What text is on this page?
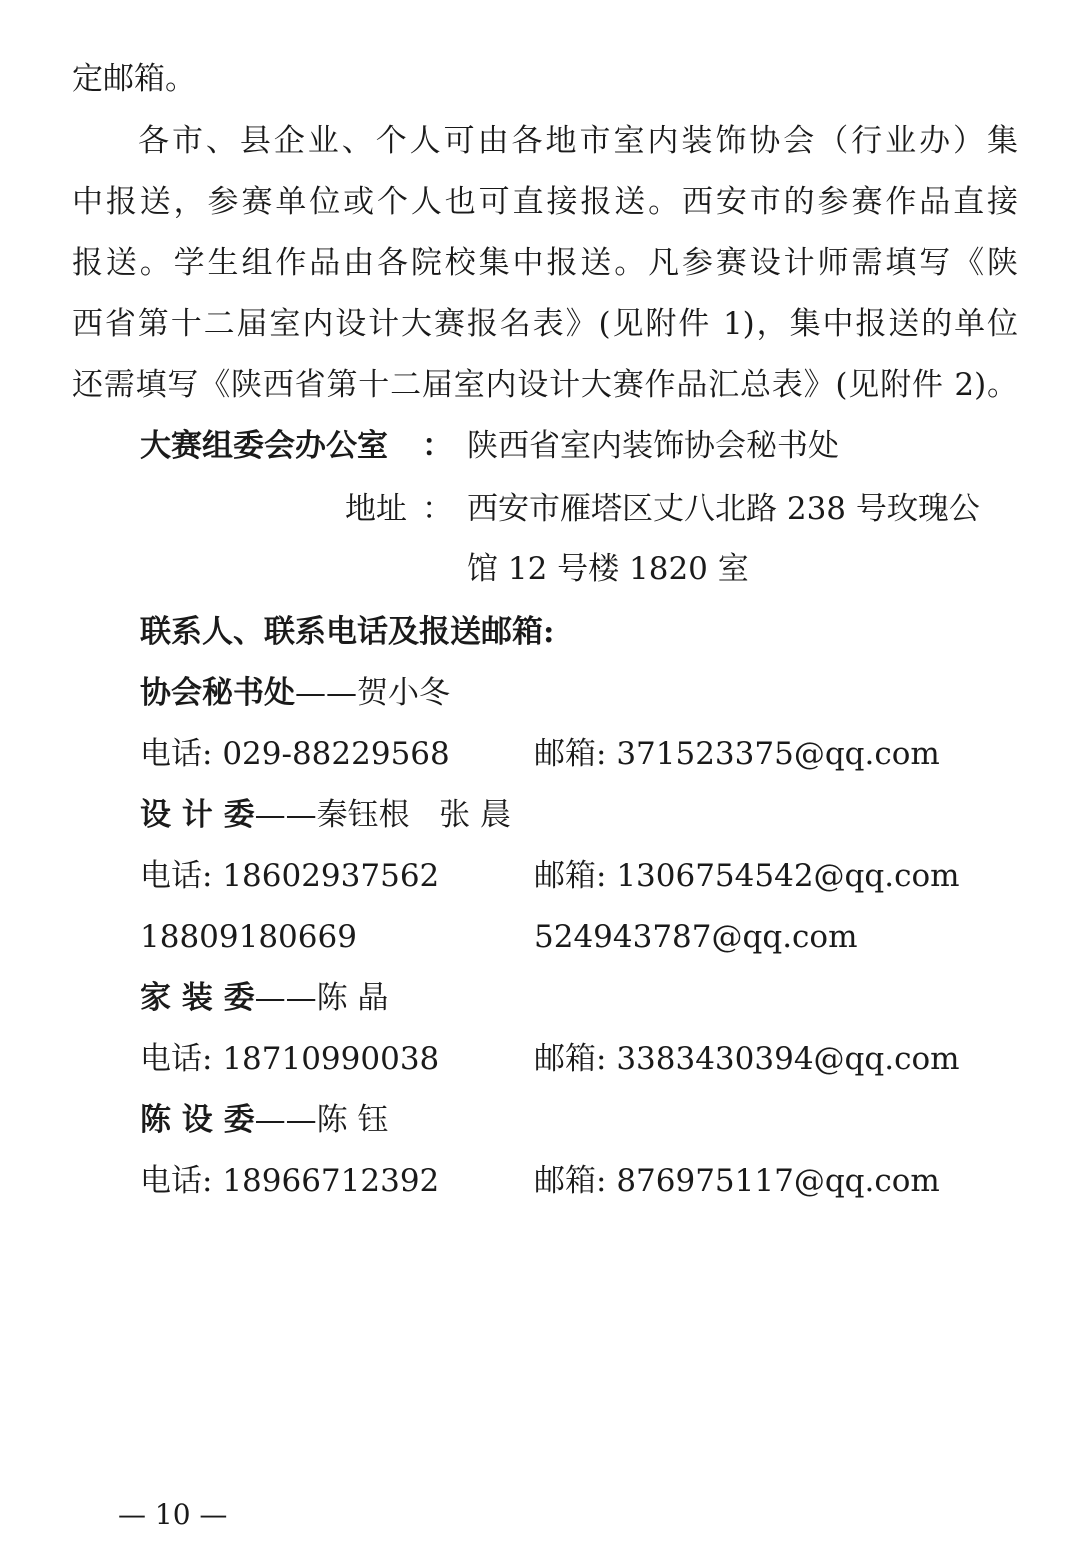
定邮箱。
各市、县企业、个人可由各地市室内装饰协会（行业办）集
中报送，参赛单位或个人也可直接报送。西安市的参赛作品直接
报送。学生组作品由各院校集中报送。凡参赛设计师需填写《陕
西省第十二届室内设计大赛报名表》(见附件 1)，集中报送的单位
还需填写《陕西省第十二届室内设计大赛作品汇总表》(见附件 2)。
大赛组委会办公室 ： 陕西省室内装饰协会秘书处
地址 ： 西安市雁塔区丈八北路 238 号玫瑰公
馆 12 号楼 1820 室
联系人、联系电话及报送邮箱:
协会秘书处——贺小冬
电话: 029-88229568	邮箱: 371523375@qq.com
设 计 委——秦钰根   张 晨
电话: 18602937562	邮箱: 1306754542@qq.com
18809180669	524943787@qq.com
家 装 委——陈 晶
电话: 18710990038	邮箱: 3383430394@qq.com
陈 设 委——陈 钰
电话: 18966712392	邮箱: 876975117@qq.com
— 10 —
